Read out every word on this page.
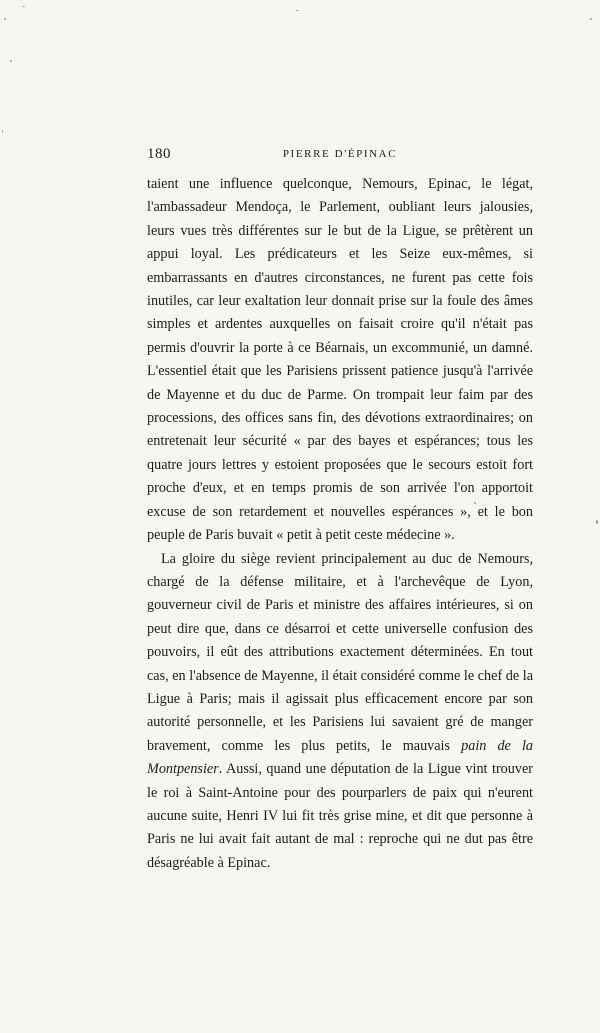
180	PIERRE D'ÉPINAC

taient une influence quelconque, Nemours, Epinac, le légat, l'ambassadeur Mendoça, le Parlement, oubliant leurs jalousies, leurs vues très différentes sur le but de la Ligue, se prêtèrent un appui loyal. Les prédicateurs et les Seize eux-mêmes, si embarrassants en d'autres circonstances, ne furent pas cette fois inutiles, car leur exaltation leur donnait prise sur la foule des âmes simples et ardentes auxquelles on faisait croire qu'il n'était pas permis d'ouvrir la porte à ce Béarnais, un excommunié, un damné. L'essentiel était que les Parisiens prissent patience jusqu'à l'arrivée de Mayenne et du duc de Parme. On trompait leur faim par des processions, des offices sans fin, des dévotions extraordinaires; on entretenait leur sécurité « par des bayes et espérances; tous les quatre jours lettres y estoient proposées que le secours estoit fort proche d'eux, et en temps promis de son arrivée l'on apportoit excuse de son retardement et nouvelles espérances », et le bon peuple de Paris buvait « petit à petit ceste médecine ».

La gloire du siège revient principalement au duc de Nemours, chargé de la défense militaire, et à l'archevêque de Lyon, gouverneur civil de Paris et ministre des affaires intérieures, si on peut dire que, dans ce désarroi et cette universelle confusion des pouvoirs, il eût des attributions exactement déterminées. En tout cas, en l'absence de Mayenne, il était considéré comme le chef de la Ligue à Paris; mais il agissait plus efficacement encore par son autorité personnelle, et les Parisiens lui savaient gré de manger bravement, comme les plus petits, le mauvais pain de la Montpensier. Aussi, quand une députation de la Ligue vint trouver le roi à Saint-Antoine pour des pourparlers de paix qui n'eurent aucune suite, Henri IV lui fit très grise mine, et dit que personne à Paris ne lui avait fait autant de mal : reproche qui ne dut pas être désagréable à Epinac.
